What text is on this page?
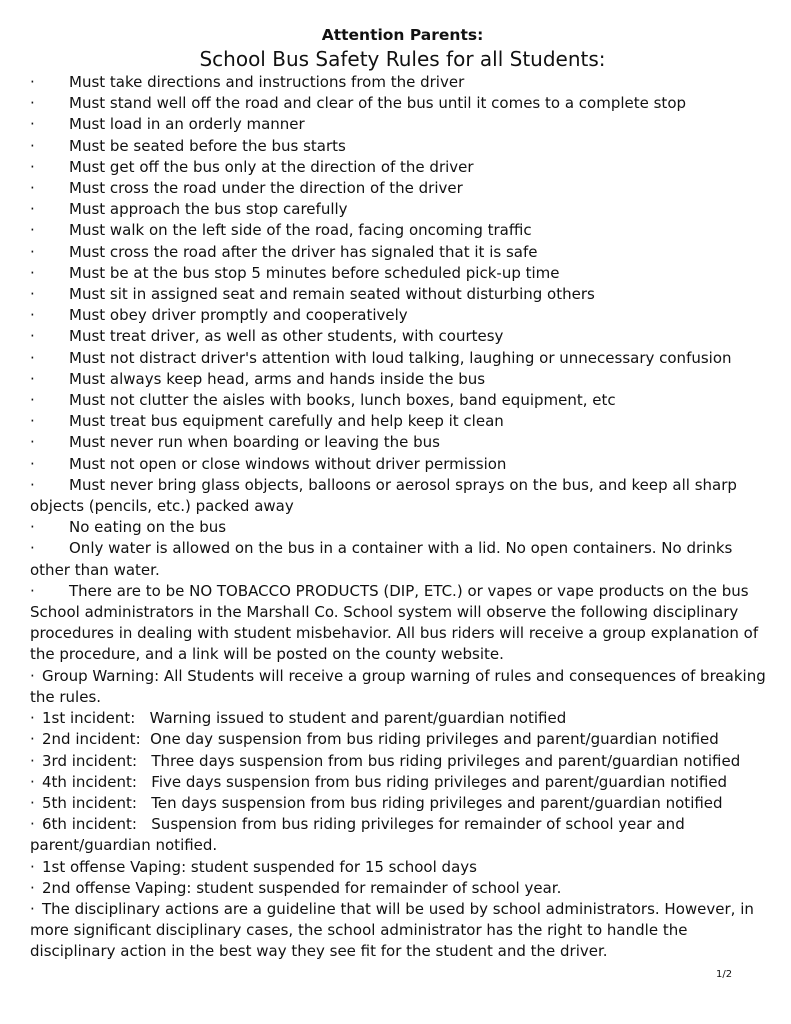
Attention Parents:
School Bus Safety Rules for all Students:
· Must take directions and instructions from the driver
· Must stand well off the road and clear of the bus until it comes to a complete stop
· Must load in an orderly manner
· Must be seated before the bus starts
· Must get off the bus only at the direction of the driver
· Must cross the road under the direction of the driver
· Must approach the bus stop carefully
· Must walk on the left side of the road, facing oncoming traffic
· Must cross the road after the driver has signaled that it is safe
· Must be at the bus stop 5 minutes before scheduled pick-up time
· Must sit in assigned seat and remain seated without disturbing others
· Must obey driver promptly and cooperatively
· Must treat driver, as well as other students, with courtesy
· Must not distract driver's attention with loud talking, laughing or unnecessary confusion
· Must always keep head, arms and hands inside the bus
· Must not clutter the aisles with books, lunch boxes, band equipment, etc
· Must treat bus equipment carefully and help keep it clean
· Must never run when boarding or leaving the bus
· Must not open or close windows without driver permission
· Must never bring glass objects, balloons or aerosol sprays on the bus, and keep all sharp objects (pencils, etc.) packed away
· No eating on the bus
· Only water is allowed on the bus in a container with a lid. No open containers. No drinks other than water.
· There are to be NO TOBACCO PRODUCTS (DIP, ETC.) or vapes or vape products on the bus

School administrators in the Marshall Co. School system will observe the following disciplinary procedures in dealing with student misbehavior. All bus riders will receive a group explanation of the procedure, and a link will be posted on the county website.

· Group Warning: All Students will receive a group warning of rules and consequences of breaking the rules.
· 1st incident:   Warning issued to student and parent/guardian notified
· 2nd incident:  One day suspension from bus riding privileges and parent/guardian notified
· 3rd incident:   Three days suspension from bus riding privileges and parent/guardian notified
· 4th incident:   Five days suspension from bus riding privileges and parent/guardian notified
· 5th incident:   Ten days suspension from bus riding privileges and parent/guardian notified
· 6th incident:   Suspension from bus riding privileges for remainder of school year and parent/guardian notified.
· 1st offense Vaping: student suspended for 15 school days
· 2nd offense Vaping: student suspended for remainder of school year.
· The disciplinary actions are a guideline that will be used by school administrators. However, in more significant disciplinary cases, the school administrator has the right to handle the disciplinary action in the best way they see fit for the student and the driver.
1/2
